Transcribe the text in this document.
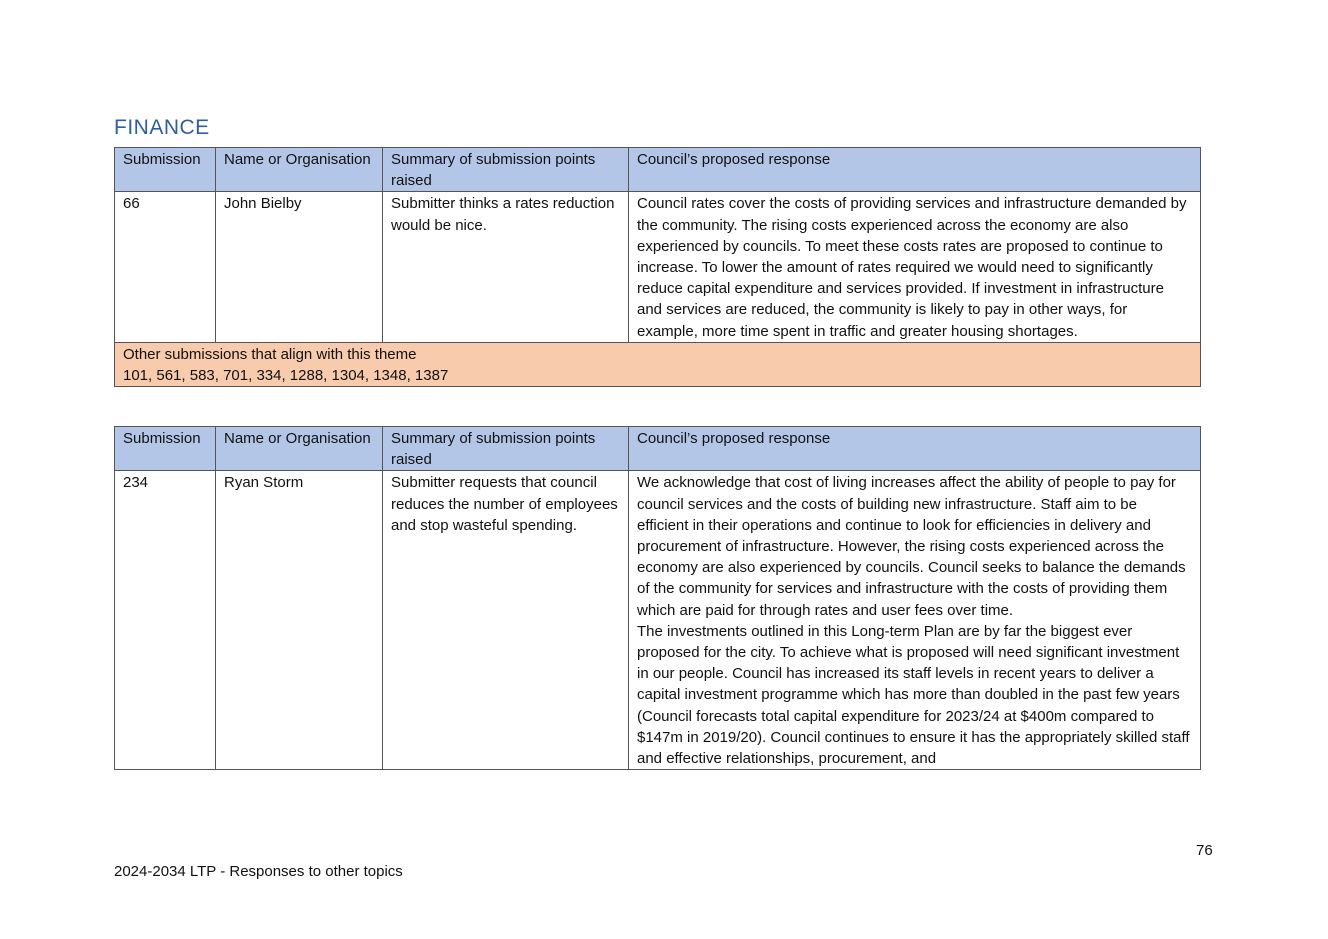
FINANCE
Submission	Name or Organisation	Summary of submission points raised	Council’s proposed response
66	John Bielby	Submitter thinks a rates reduction would be nice.	Council rates cover the costs of providing services and infrastructure demanded by the community. The rising costs experienced across the economy are also experienced by councils. To meet these costs rates are proposed to continue to increase. To lower the amount of rates required we would need to significantly reduce capital expenditure and services provided. If investment in infrastructure and services are reduced, the community is likely to pay in other ways, for example, more time spent in traffic and greater housing shortages.

Other submissions that align with this theme
101, 561, 583, 701, 334, 1288, 1304, 1348, 1387			
Submission	Name or Organisation	Summary of submission points raised	Council’s proposed response
234	Ryan Storm	Submitter requests that council reduces the number of employees and stop wasteful spending.	We acknowledge that cost of living increases affect the ability of people to pay for council services and the costs of building new infrastructure. Staff aim to be efficient in their operations and continue to look for efficiencies in delivery and procurement of infrastructure. However, the rising costs experienced across the economy are also experienced by councils. Council seeks to balance the demands of the community for services and infrastructure with the costs of providing them which are paid for through rates and user fees over time.
The investments outlined in this Long-term Plan are by far the biggest ever proposed for the city. To achieve what is proposed will need significant investment in our people. Council has increased its staff levels in recent years to deliver a capital investment programme which has more than doubled in the past few years (Council forecasts total capital expenditure for 2023/24 at $400m compared to $147m in 2019/20). Council continues to ensure it has the appropriately skilled staff and effective relationships, procurement, and
76
2024-2034 LTP - Responses to other topics
